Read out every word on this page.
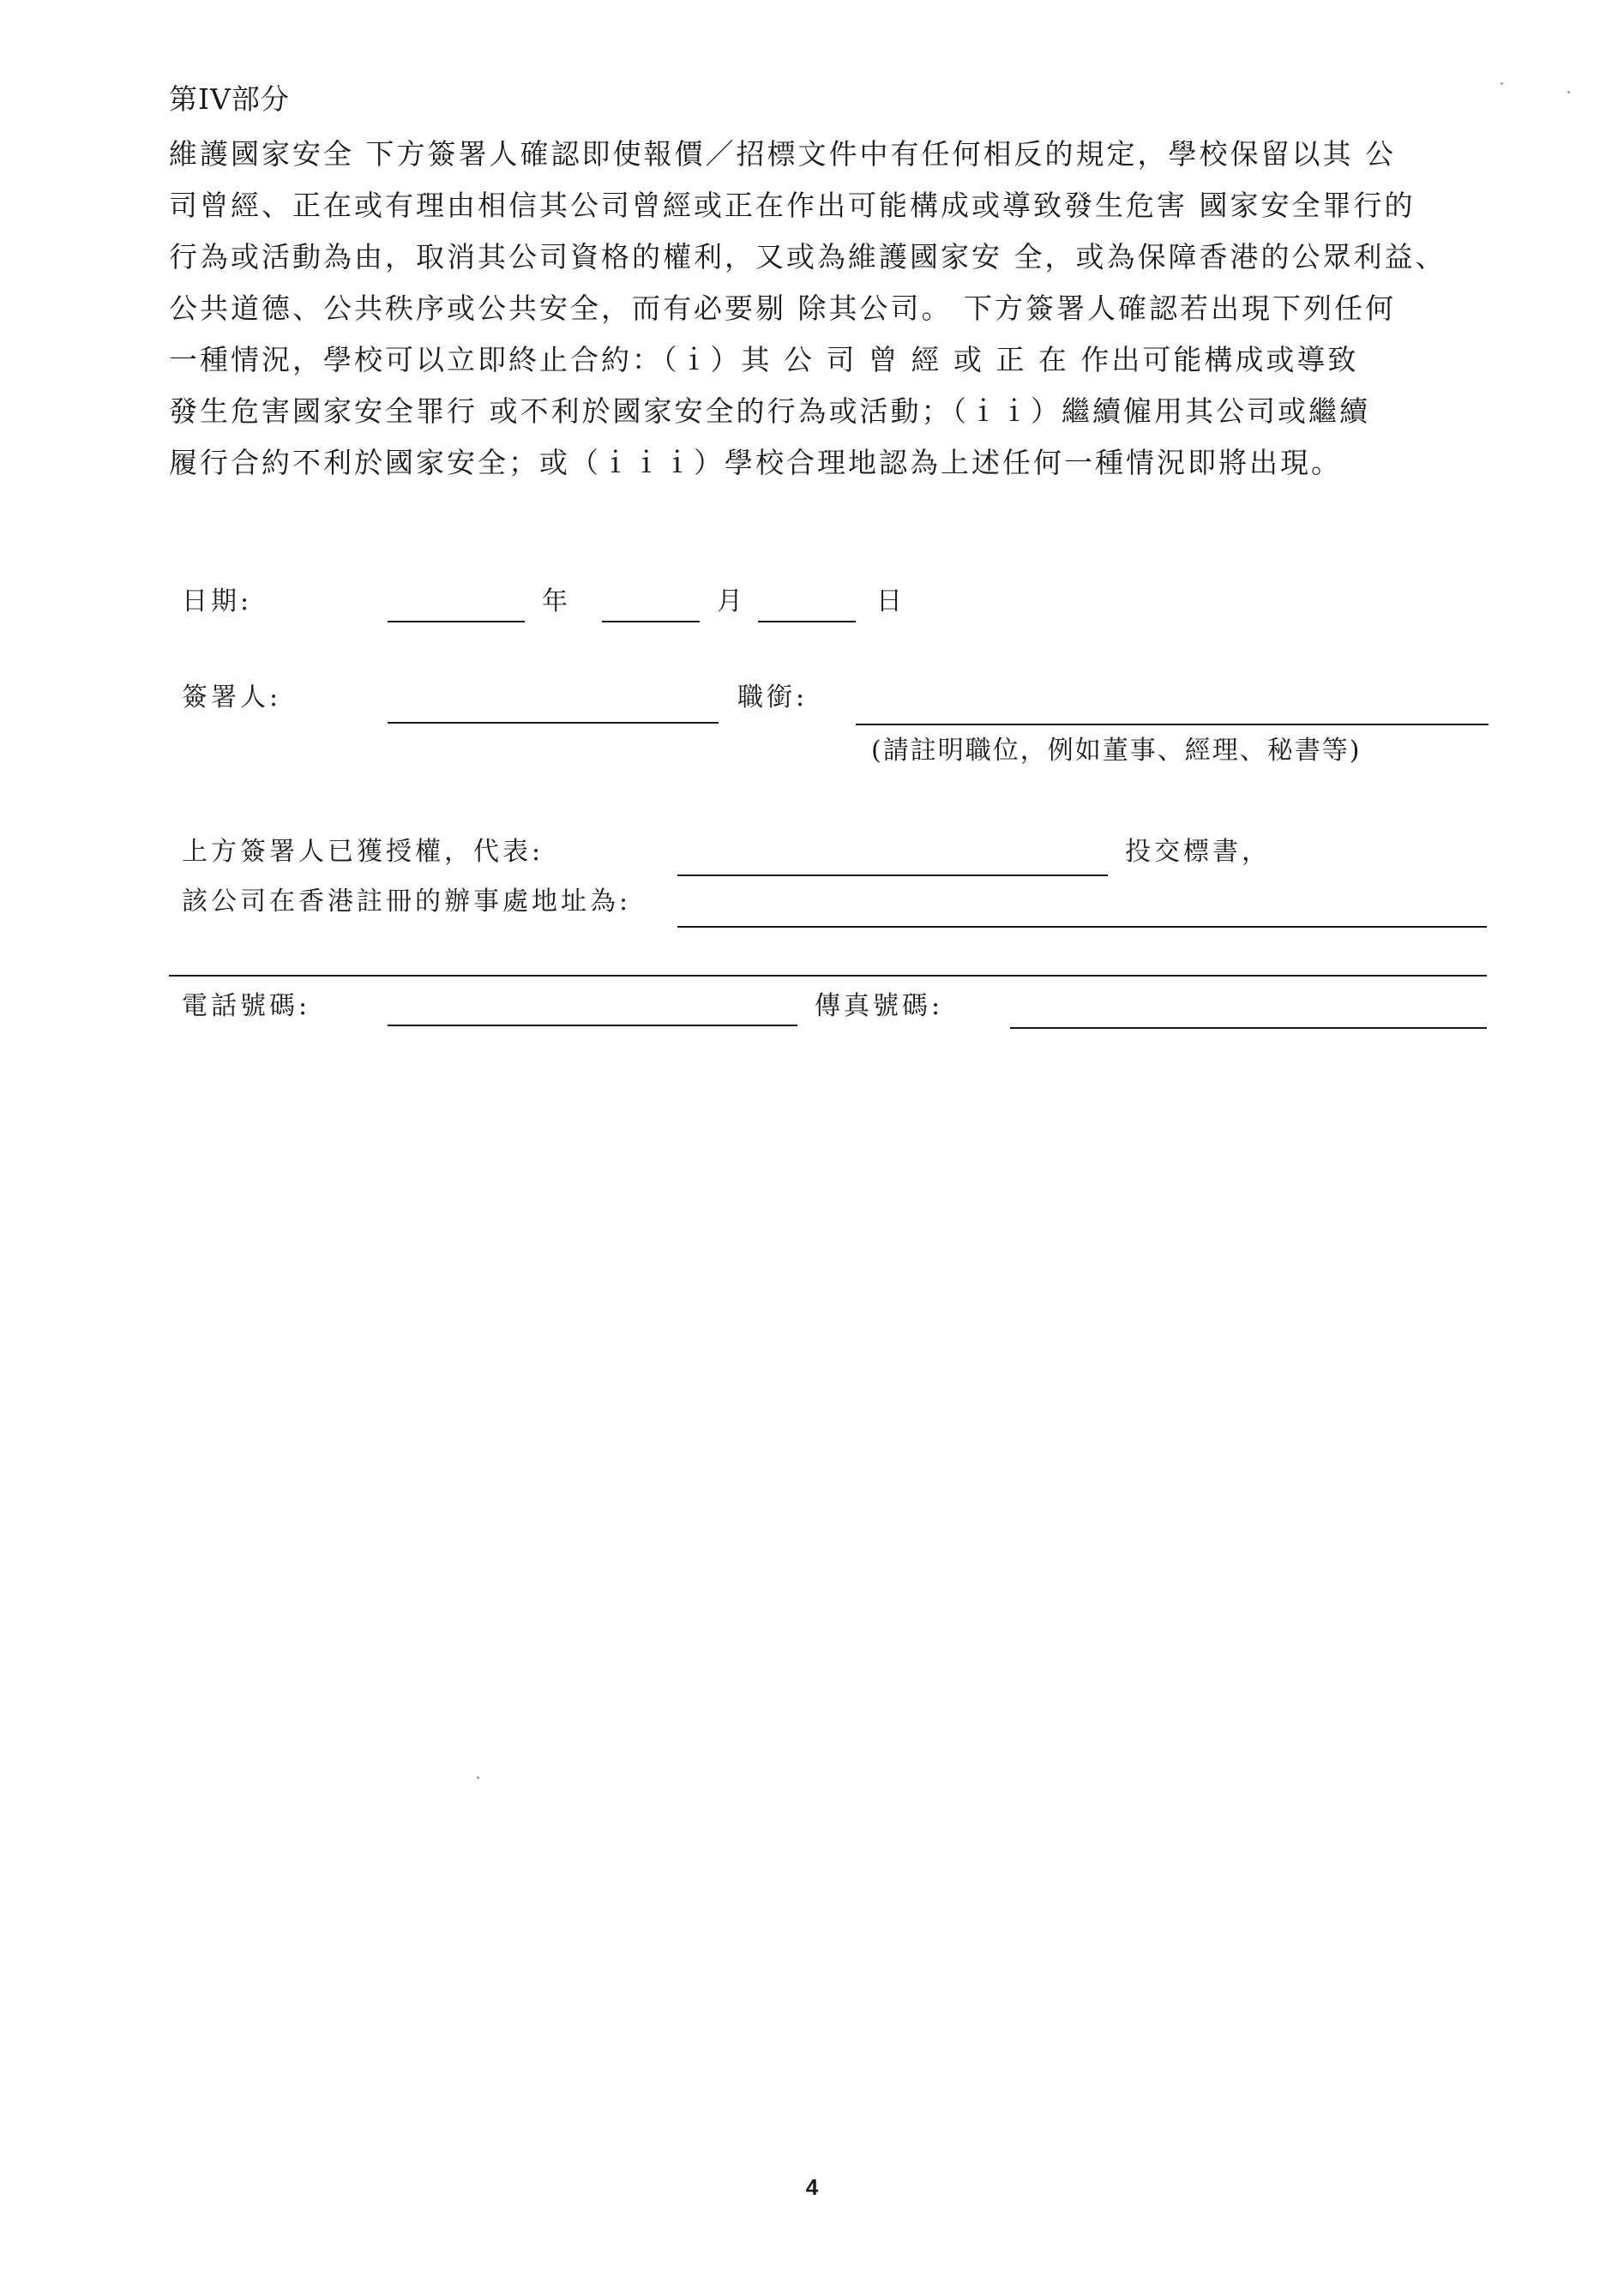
第IV部分
維護國家安全 下方簽署人確認即使報價／招標文件中有任何相反的規定，學校保留以其 公
司曾經、正在或有理由相信其公司曾經或正在作出可能構成或導致發生危害 國家安全罪行的
行為或活動為由，取消其公司資格的權利，又或為維護國家安 全，或為保障香港的公眾利益、
公共道德、公共秩序或公共安全，而有必要剔 除其公司。 下方簽署人確認若出現下列任何
一種情況，學校可以立即終止合約：（ｉ）其 公 司 曾 經 或 正 在 作出可能構成或導致
發生危害國家安全罪行 或不利於國家安全的行為或活動；（ｉｉ）繼續僱用其公司或繼續
履行合約不利於國家安全；或（ｉｉｉ）學校合理地認為上述任何一種情況即將出現。
日期:	年	月	日
簽署人:	職銜:
(請註明職位，例如董事、經理、秘書等)
上方簽署人已獲授權，代表:	投交標書，
該公司在香港註冊的辦事處地址為:
電話號碼:	傳真號碼:
4
